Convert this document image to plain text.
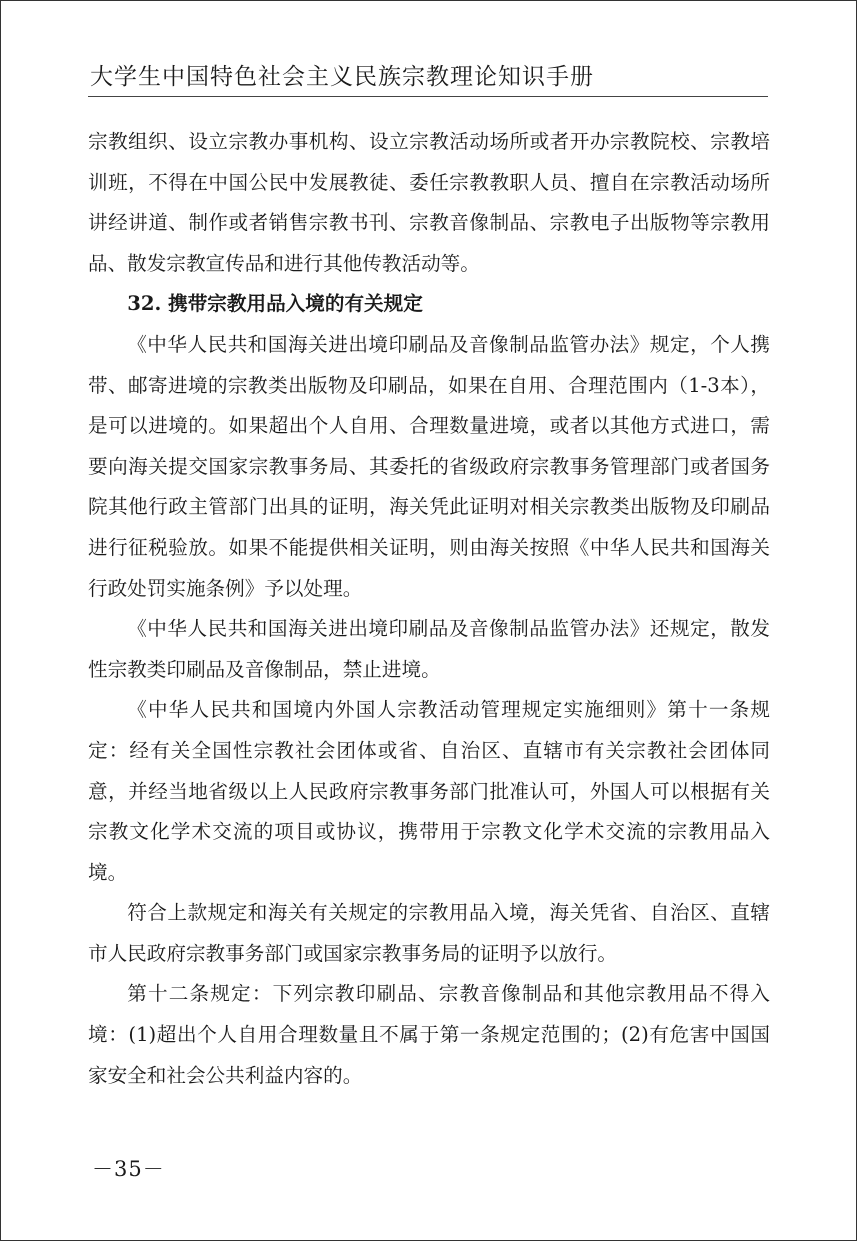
大学生中国特色社会主义民族宗教理论知识手册

宗教组织、设立宗教办事机构、设立宗教活动场所或者开办宗教院校、宗教培训班，不得在中国公民中发展教徒、委任宗教教职人员、擅自在宗教活动场所讲经讲道、制作或者销售宗教书刊、宗教音像制品、宗教电子出版物等宗教用品、散发宗教宣传品和进行其他传教活动等。

32. 携带宗教用品入境的有关规定

《中华人民共和国海关进出境印刷品及音像制品监管办法》规定，个人携带、邮寄进境的宗教类出版物及印刷品，如果在自用、合理范围内（1-3本），是可以进境的。如果超出个人自用、合理数量进境，或者以其他方式进口，需要向海关提交国家宗教事务局、其委托的省级政府宗教事务管理部门或者国务院其他行政主管部门出具的证明，海关凭此证明对相关宗教类出版物及印刷品进行征税验放。如果不能提供相关证明，则由海关按照《中华人民共和国海关行政处罚实施条例》予以处理。

《中华人民共和国海关进出境印刷品及音像制品监管办法》还规定，散发性宗教类印刷品及音像制品，禁止进境。

《中华人民共和国境内外国人宗教活动管理规定实施细则》第十一条规定：经有关全国性宗教社会团体或省、自治区、直辖市有关宗教社会团体同意，并经当地省级以上人民政府宗教事务部门批准认可，外国人可以根据有关宗教文化学术交流的项目或协议，携带用于宗教文化学术交流的宗教用品入境。

符合上款规定和海关有关规定的宗教用品入境，海关凭省、自治区、直辖市人民政府宗教事务部门或国家宗教事务局的证明予以放行。

第十二条规定：下列宗教印刷品、宗教音像制品和其他宗教用品不得入境：(1)超出个人自用合理数量且不属于第一条规定范围的；(2)有危害中国国家安全和社会公共利益内容的。

－35－
